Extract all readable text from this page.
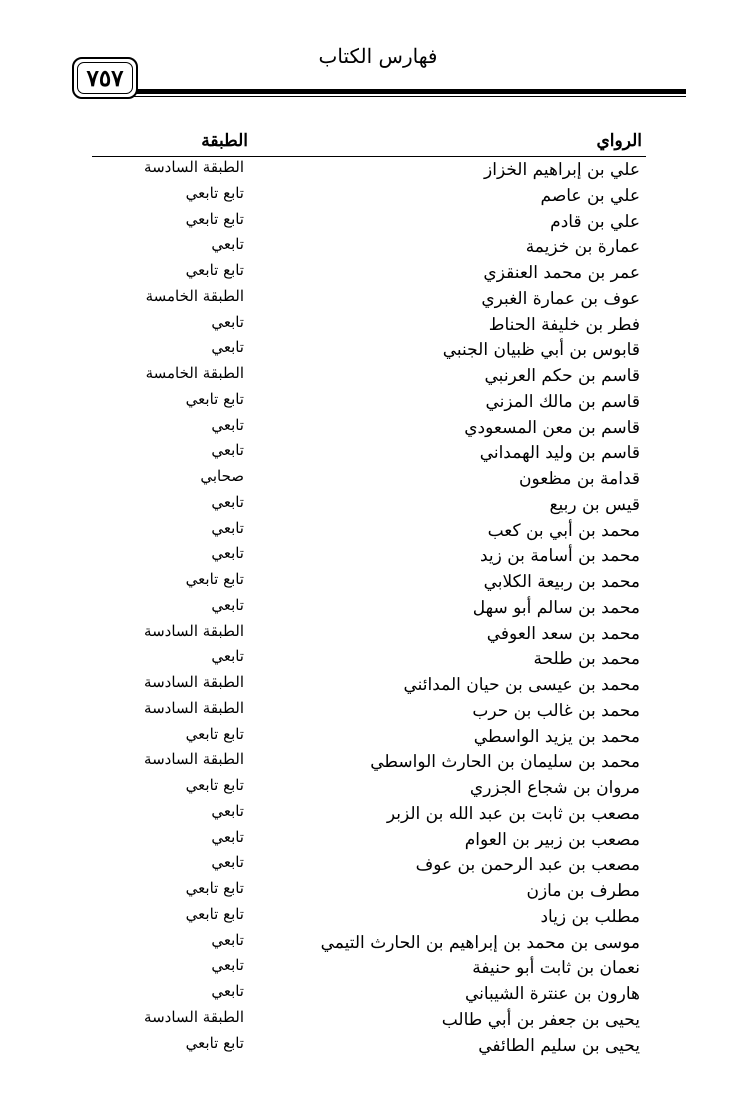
فهارس الكتاب
٧٥٧
الرواي
الطبقة
علي بن إبراهيم الخزاز
الطبقة السادسة
علي بن عاصم
تابع تابعي
علي بن قادم
تابع تابعي
عمارة بن خزيمة
تابعي
عمر بن محمد العنقزي
تابع تابعي
عوف بن عمارة الغبري
الطبقة الخامسة
فطر بن خليفة الحناط
تابعي
قابوس بن أبي ظبيان الجنبي
تابعي
قاسم بن حكم العرنبي
الطبقة الخامسة
قاسم بن مالك المزني
تابع تابعي
قاسم بن معن المسعودي
تابعي
قاسم بن وليد الهمداني
تابعي
قدامة بن مظعون
صحابي
قيس بن ربيع
تابعي
محمد بن أبي بن كعب
تابعي
محمد بن أسامة بن زيد
تابعي
محمد بن ربيعة الكلابي
تابع تابعي
محمد بن سالم أبو سهل
تابعي
محمد بن سعد العوفي
الطبقة السادسة
محمد بن طلحة
تابعي
محمد بن عيسى بن حيان المدائني
الطبقة السادسة
محمد بن غالب بن حرب
الطبقة السادسة
محمد بن يزيد الواسطي
تابع تابعي
محمد بن سليمان بن الحارث الواسطي
الطبقة السادسة
مروان بن شجاع الجزري
تابع تابعي
مصعب بن ثابت بن عبد الله بن الزبر
تابعي
مصعب بن زبير بن العوام
تابعي
مصعب بن عبد الرحمن بن عوف
تابعي
مطرف بن مازن
تابع تابعي
مطلب بن زياد
تابع تابعي
موسى بن محمد بن إبراهيم بن الحارث التيمي
تابعي
نعمان بن ثابت أبو حنيفة
تابعي
هارون بن عنترة الشيباني
تابعي
يحيى بن جعفر بن أبي طالب
الطبقة السادسة
يحيى بن سليم الطائفي
تابع تابعي
